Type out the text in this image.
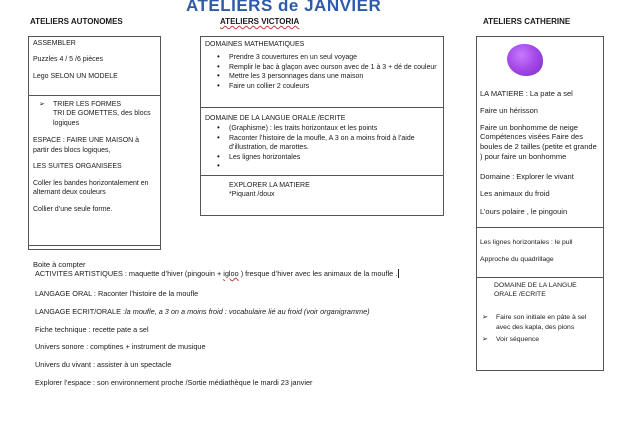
ATELIERS de JANVIER
ATELIERS AUTONOMES	ATELIERS VICTORIA	ATELIERS CATHERINE
ASSEMBLER
Puzzles 4 / 5 /6 pièces
Lego SELON UN MODELE
➢ TRIER LES FORMES
TRI DE GOMETTES, des blocs logiques
ESPACE : FAIRE UNE MAISON à partir des blocs logiques,
LES SUITES ORGANISEES
Coller les bandes horizontalement en alternant deux couleurs
Collier d’une seule forme.
Boite à compter
DOMAINES MATHEMATIQUES
• Prendre 3 couvertures en un seul voyage
• Remplir le bac à glaçon avec ourson avec de 1 à 3 + dé de couleur
• Mettre les 3 personnages dans une maison
• Faire un collier 2 couleurs
DOMAINE DE LA LANGUE ORALE /ECRITE
• (Graphisme) : les traits horizontaux et les points
• Raconter l’histoire de la moufle, A 3 on a moins froid à l’aide d’illustration, de marottes.
• Les lignes horizontales
•
EXPLORER LA MATIERE
*Piquant /doux
LA MATIERE : La pate a sel
Faire un hérisson
Faire un bonhomme de neige Compétences visées Faire des boules de 2 tailles (petite et grande ) pour faire un bonhomme
Domaine : Explorer le vivant
Les animaux du froid
L’ours polaire , le pingouin
Les lignes horizontales : le pull
Approche du quadrillage
DOMAINE DE LA LANGUE ORALE /ECRITE
➢ Faire son initiale en pâte à sel avec des kapla, des pions
➢ Voir séquence
ACTIVITES ARTISTIQUES : maquette d’hiver (pingouin + igloo ) fresque d’hiver avec les animaux de la moufle .
LANGAGE ORAL : Raconter l’histoire de la moufle
LANGAGE ECRIT/ORALE :la moufle, a 3 on a moins froid : vocabulaire lié au froid (voir organigramme)
Fiche technique : recette pate a sel
Univers sonore : comptines + instrument de musique
Univers du vivant : assister à un spectacle
Explorer l’espace : son environnement proche /Sortie médiathèque le mardi 23 janvier
